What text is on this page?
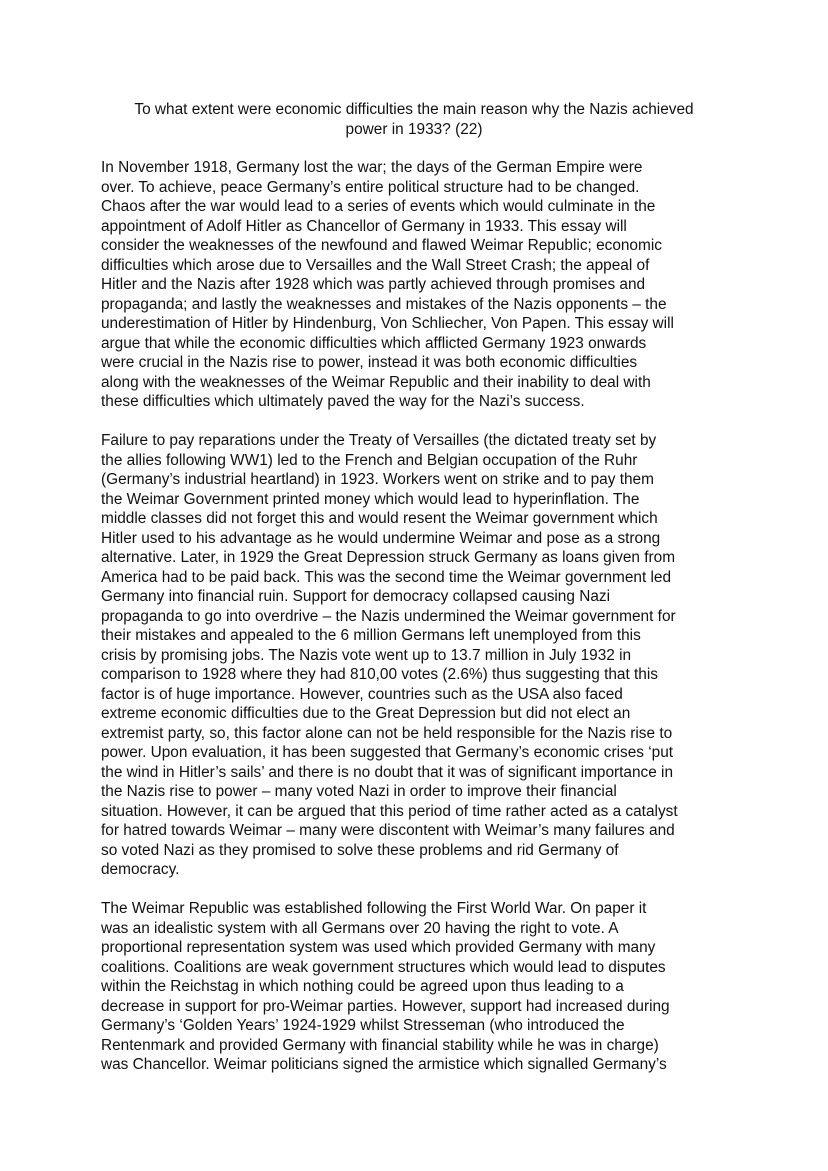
To what extent were economic difficulties the main reason why the Nazis achieved
power in 1933? (22)

In November 1918, Germany lost the war; the days of the German Empire were
over. To achieve, peace Germany’s entire political structure had to be changed.
Chaos after the war would lead to a series of events which would culminate in the
appointment of Adolf Hitler as Chancellor of Germany in 1933. This essay will
consider the weaknesses of the newfound and flawed Weimar Republic; economic
difficulties which arose due to Versailles and the Wall Street Crash; the appeal of
Hitler and the Nazis after 1928 which was partly achieved through promises and
propaganda; and lastly the weaknesses and mistakes of the Nazis opponents – the
underestimation of Hitler by Hindenburg, Von Schliecher, Von Papen. This essay will
argue that while the economic difficulties which afflicted Germany 1923 onwards
were crucial in the Nazis rise to power, instead it was both economic difficulties
along with the weaknesses of the Weimar Republic and their inability to deal with
these difficulties which ultimately paved the way for the Nazi’s success.

Failure to pay reparations under the Treaty of Versailles (the dictated treaty set by
the allies following WW1) led to the French and Belgian occupation of the Ruhr
(Germany’s industrial heartland) in 1923. Workers went on strike and to pay them
the Weimar Government printed money which would lead to hyperinflation. The
middle classes did not forget this and would resent the Weimar government which
Hitler used to his advantage as he would undermine Weimar and pose as a strong
alternative. Later, in 1929 the Great Depression struck Germany as loans given from
America had to be paid back. This was the second time the Weimar government led
Germany into financial ruin. Support for democracy collapsed causing Nazi
propaganda to go into overdrive – the Nazis undermined the Weimar government for
their mistakes and appealed to the 6 million Germans left unemployed from this
crisis by promising jobs. The Nazis vote went up to 13.7 million in July 1932 in
comparison to 1928 where they had 810,00 votes (2.6%) thus suggesting that this
factor is of huge importance. However, countries such as the USA also faced
extreme economic difficulties due to the Great Depression but did not elect an
extremist party, so, this factor alone can not be held responsible for the Nazis rise to
power. Upon evaluation, it has been suggested that Germany’s economic crises ‘put
the wind in Hitler’s sails’ and there is no doubt that it was of significant importance in
the Nazis rise to power – many voted Nazi in order to improve their financial
situation. However, it can be argued that this period of time rather acted as a catalyst
for hatred towards Weimar – many were discontent with Weimar’s many failures and
so voted Nazi as they promised to solve these problems and rid Germany of
democracy.

The Weimar Republic was established following the First World War. On paper it
was an idealistic system with all Germans over 20 having the right to vote. A
proportional representation system was used which provided Germany with many
coalitions. Coalitions are weak government structures which would lead to disputes
within the Reichstag in which nothing could be agreed upon thus leading to a
decrease in support for pro-Weimar parties. However, support had increased during
Germany’s ‘Golden Years’ 1924-1929 whilst Stresseman (who introduced the
Rentenmark and provided Germany with financial stability while he was in charge)
was Chancellor. Weimar politicians signed the armistice which signalled Germany’s
